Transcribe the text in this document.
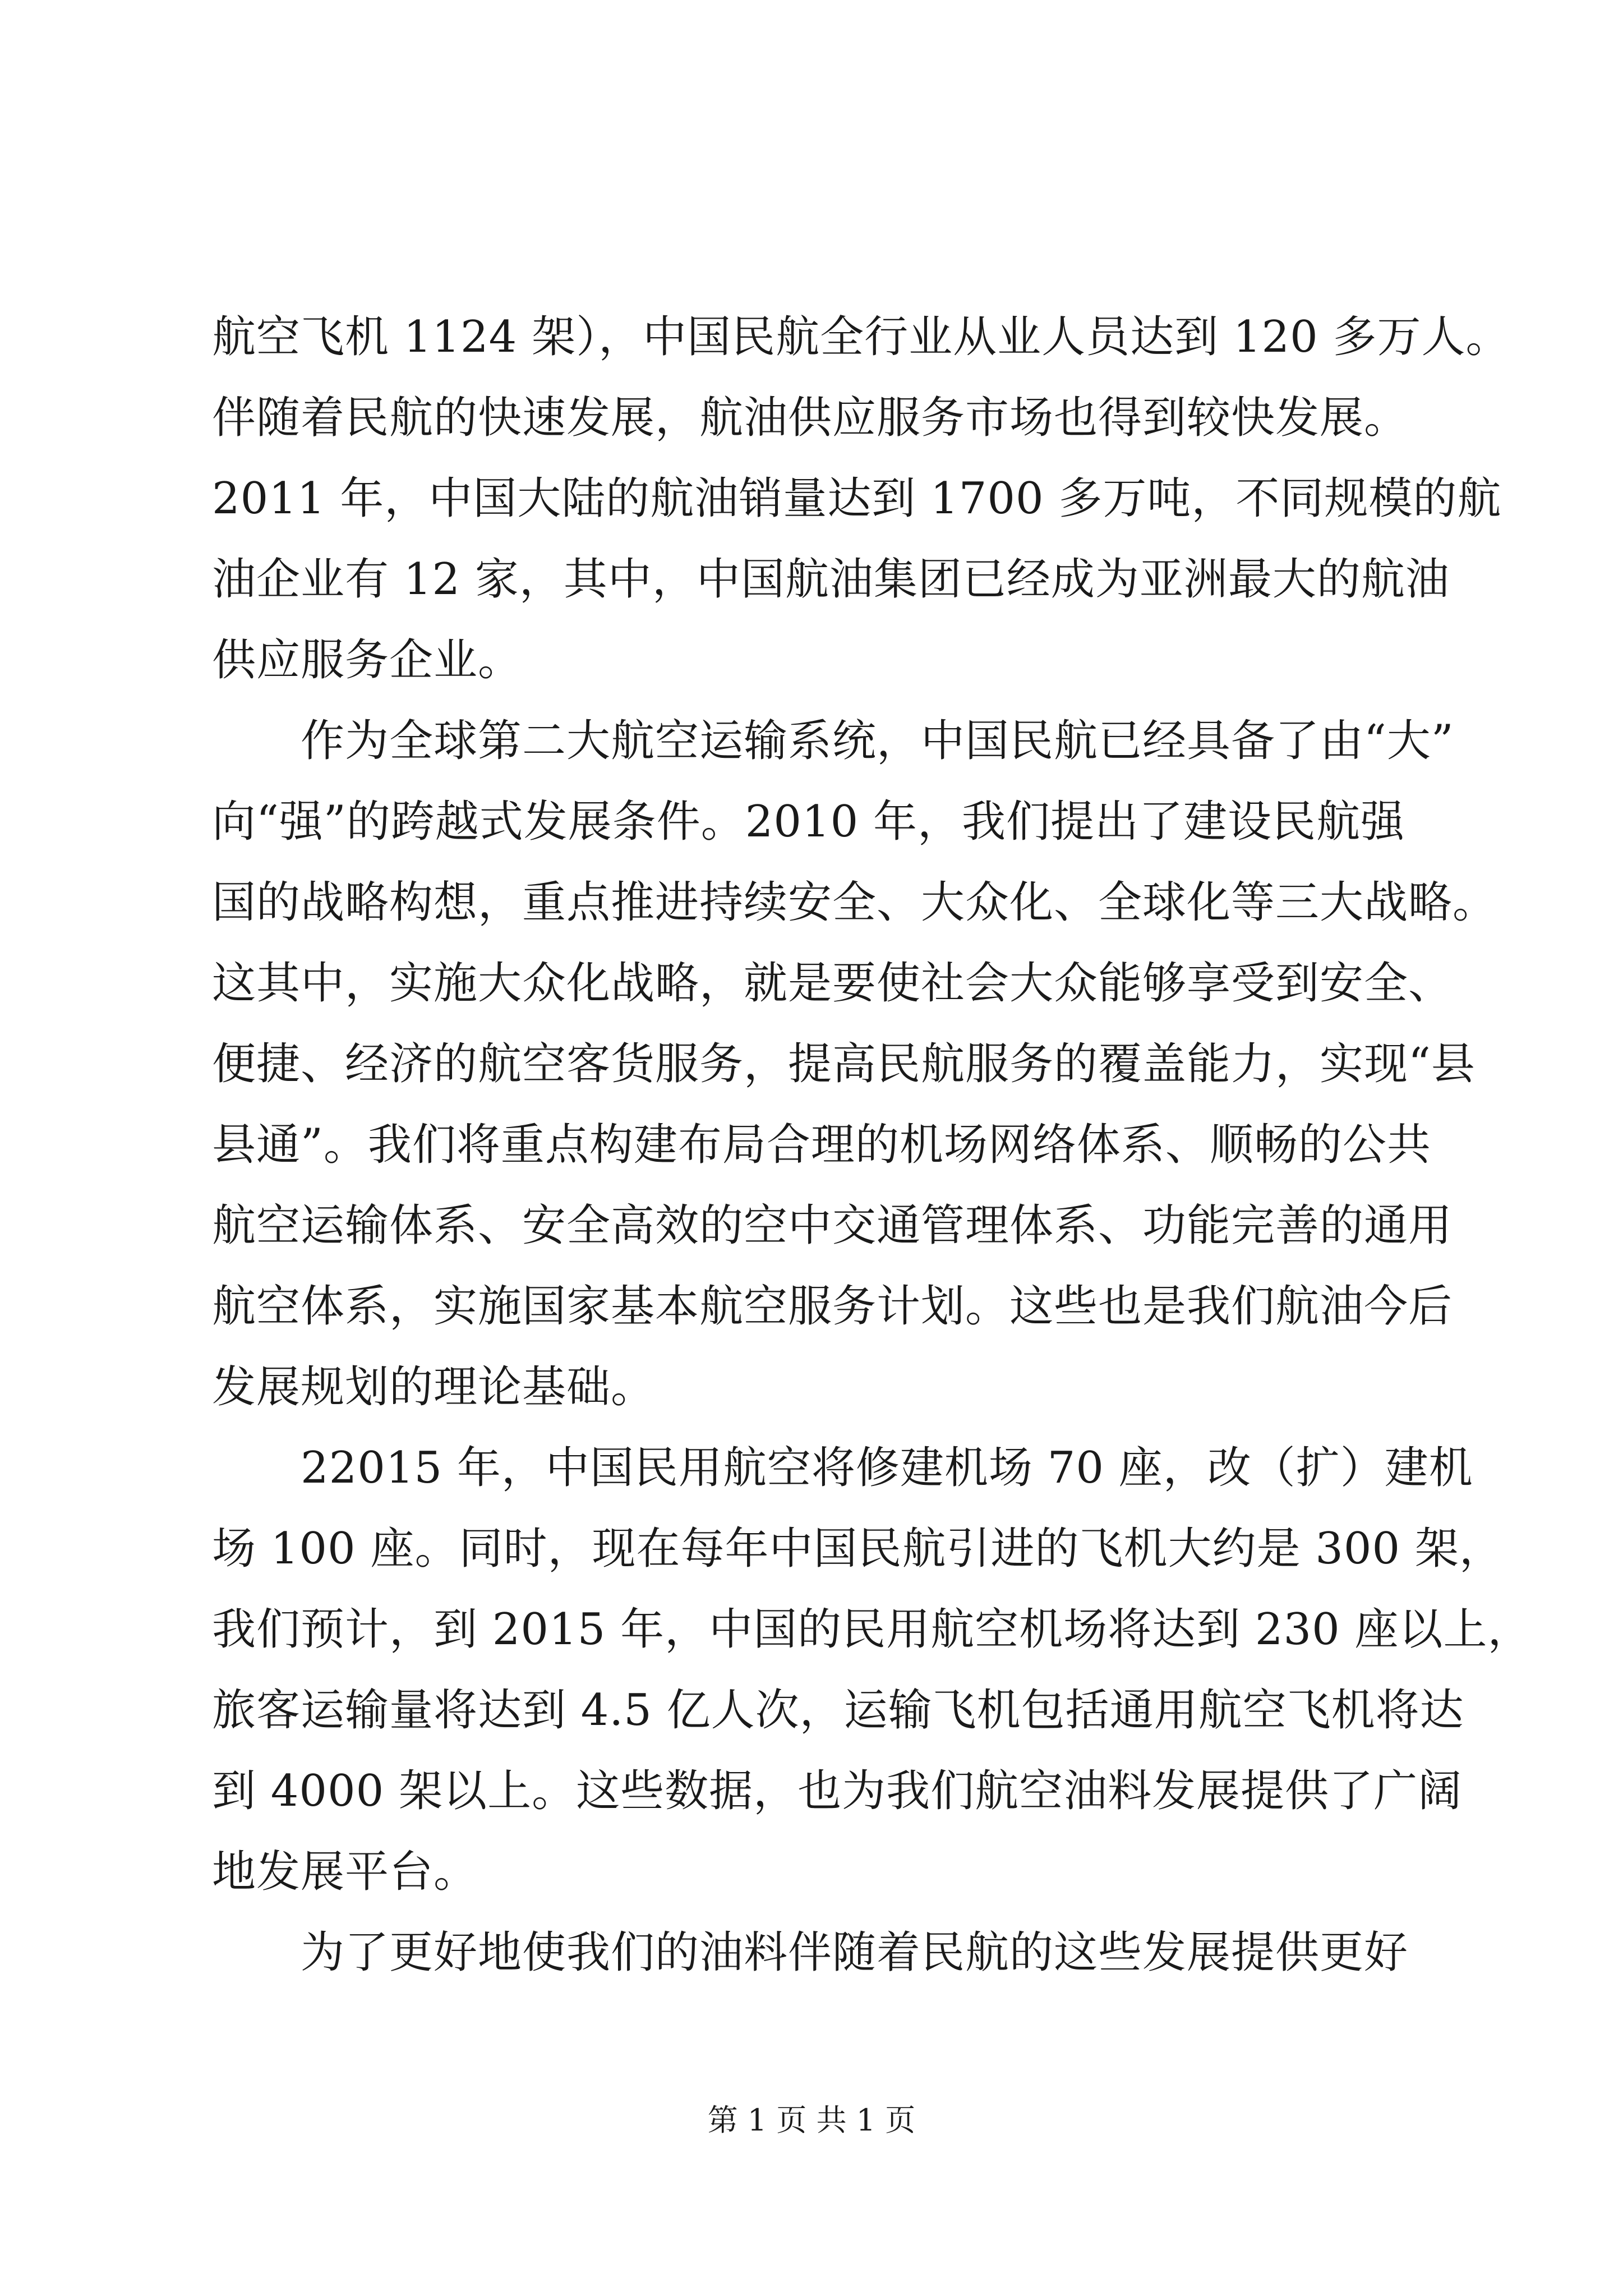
航空飞机 1124 架），中国民航全行业从业人员达到 120 多万人。
伴随着民航的快速发展，航油供应服务市场也得到较快发展。
2011 年，中国大陆的航油销量达到 1700 多万吨，不同规模的航
油企业有 12 家，其中，中国航油集团已经成为亚洲最大的航油
供应服务企业。
作为全球第二大航空运输系统，中国民航已经具备了由“大”
向“强”的跨越式发展条件。2010 年，我们提出了建设民航强
国的战略构想，重点推进持续安全、大众化、全球化等三大战略。
这其中，实施大众化战略，就是要使社会大众能够享受到安全、
便捷、经济的航空客货服务，提高民航服务的覆盖能力，实现“县
县通”。我们将重点构建布局合理的机场网络体系、顺畅的公共
航空运输体系、安全高效的空中交通管理体系、功能完善的通用
航空体系，实施国家基本航空服务计划。这些也是我们航油今后
发展规划的理论基础。
22015 年，中国民用航空将修建机场 70 座，改（扩）建机
场 100 座。同时，现在每年中国民航引进的飞机大约是 300 架，
我们预计，到 2015 年，中国的民用航空机场将达到 230 座以上，
旅客运输量将达到 4.5 亿人次，运输飞机包括通用航空飞机将达
到 4000 架以上。这些数据，也为我们航空油料发展提供了广阔
地发展平台。
为了更好地使我们的油料伴随着民航的这些发展提供更好
第 1 页 共 1 页
